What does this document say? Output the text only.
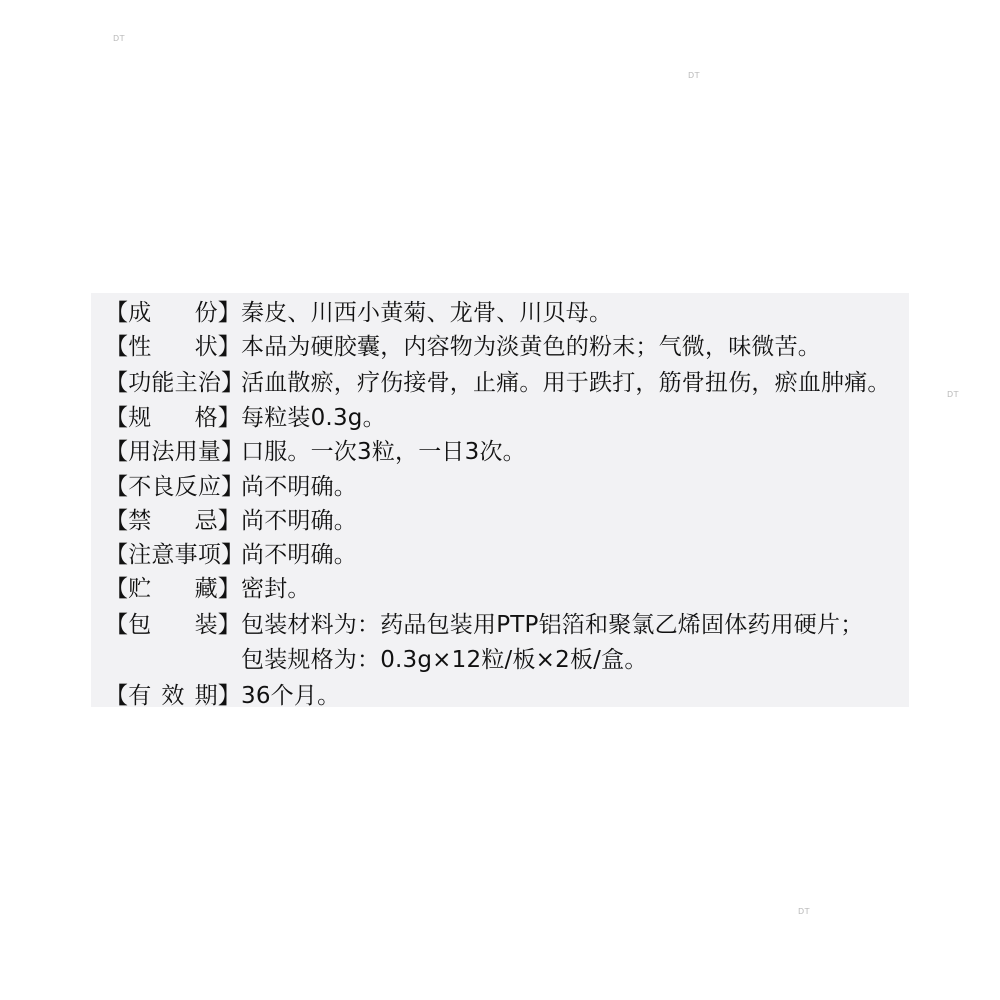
DT
DT
DT
DT
【 成 份 】 秦皮、川西小黄菊、龙骨、川贝母。
【 性 状 】 本品为硬胶囊，内容物为淡黄色的粉末；气微，味微苦。
【 功 能 主 治 】
活血散瘀，疗伤接骨，止痛。用于跌打，筋骨扭伤，瘀血肿痛。
【 规 格 】 每粒装0.3g。
【 用 法 用 量 】
口服。一次3粒，一日3次。
【 不 良 反 应 】
尚不明确。
【 禁 忌 】 尚不明确。
【 注 意 事 项 】
尚不明确。
【 贮 藏 】 密封。
【 包 装 】 包装材料为：药品包装用PTP铝箔和聚氯乙烯固体药用硬片；
包装规格为：0.3g×12粒/板×2板/盒。
【 有 效 期 】 36个月。
